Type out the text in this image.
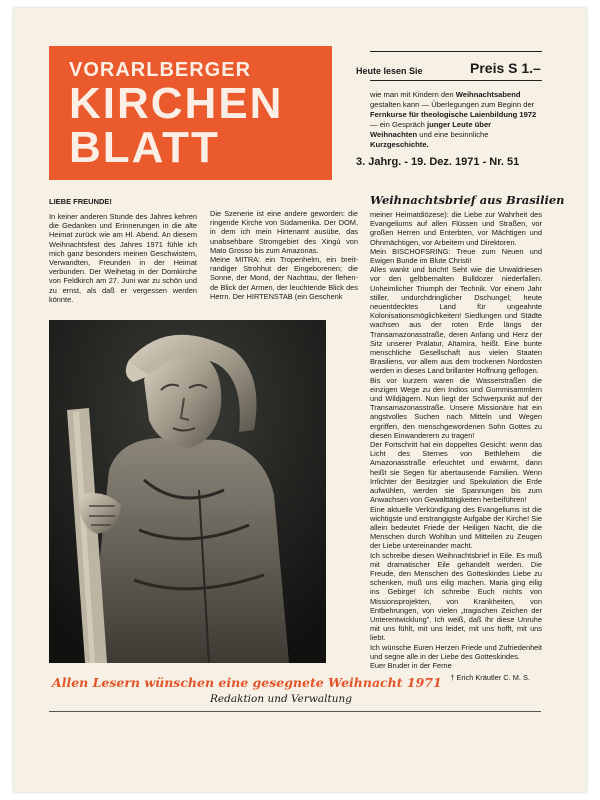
VORARLBERGER
KIRCHEN
BLATT
Heute lesen Sie	Preis S 1.–
wie man mit Kindern den Weihnachtsabend gestalten kann — Überlegungen zum Beginn der Fernkurse für theologische Laienbildung 1972 — ein Gespräch junger Leute über Weihnachten und eine besinnliche Kurzgeschichte.
3. Jahrg. - 19. Dez. 1971 - Nr. 51
LIEBE FREUNDE!	Weihnachtsbrief aus Brasilien

In keiner anderen Stunde des Jahres kehren die Gedanken und Erinnerungen in die alte Heimat zurück wie am Hl. Abend. An diesem Weihnachtsfest des Jahres 1971 fühle ich mich ganz besonders meinen Geschwistern, Verwandten, Freunden in der Heimat verbunden. Der Weihetag in der Domkirche von Feldkirch am 27. Juni war zu schön und zu ernst, als daß er vergessen werden könnte.

Die Szenerie ist eine andere geworden: die ringende Kirche von Südamerika. Der DOM, in dem ich mein Hirtenamt ausübe, das unabsehbare Stromgebiet des Xingú von Mato Grosso bis zum Amazonas.

Meine MITRA: ein Tropenhelm, ein breitrandiger Strohhut der Eingeborenen; die Sonne, der Mond, der Nachttau, der flehende Blick der Armen, der leuchtende Blick des Herrn. Der HIRTENSTAB (ein Geschenk

meiner Heimatdiözese): die Liebe zur Wahrheit des Evangeliums auf allen Flüssen und Straßen, vor großen Herren und Enterbten, vor Mächtigen und Ohnmächtigen, vor Arbeitern und Direktoren.

Mein BISCHOFSRING: Treue zum Neuen und Ewigen Bunde im Blute Christi!

Alles wankt und bricht! Seht wie die Urwaldriesen vor den gelbbemalten Bulldozer niederfallen. Unheimlicher Triumph der Technik. Vor einem Jahr stiller, undurchdringlicher Dschungel; heute neuentdecktes Land für ungeahnte Kolonisationsmöglichkeiten! Siedlungen und Städte wachsen aus der roten Erde längs der Transamazonasstraße, deren Anfang und Herz der Sitz unserer Prälatur, Altamira, heißt. Eine bunte menschliche Gesellschaft aus vielen Staaten Brasiliens, vor allem aus dem trockenen Nordosten werden in dieses Land brillanter Hoffnung geflogen.

Bis vor kurzem waren die Wasserstraßen die einzigen Wege zu den Indios und Gummisammlern und Wildjägern. Nun liegt der Schwerpunkt auf der Transamazonasstraße. Unsere Missionäre hat ein angstvolles Suchen nach Mitteln und Wegen ergriffen, den menschgewordenen Sohn Gottes zu diesen Einwanderern zu tragen!

Der Fortschritt hat ein doppeltes Gesicht: wenn das Licht des Sternes von Bethlehem die Amazonasstraße erleuchtet und erwärmt, dann heißt sie Segen für abertausende Familien. Wenn Irrlichter der Besitzgier und Spekulation die Erde aufwühlen, werden sie Spannungen bis zum Anwachsen von Gewalttätigkeiten herbeiführen!

Eine aktuelle Verkündigung des Evangeliums ist die wichtigste und erstrangigste Aufgabe der Kirche! Sie allein bedeutet Friede der Heiligen Nacht, die die Menschen durch Wohltun und Mitteilen zu Zeugen der Liebe untereinander macht.

Ich schreibe diesen Weihnachtsbrief in Eile. Es muß mit dramatischer Eile gehandelt werden. Die Freude, den Menschen des Gotteskindes Liebe zu schenken, muß uns eilig machen. Maria ging eilig ins Gebirge! Ich schreibe Euch nichts von Missionsprojekten, von Krankheiten, von Entbehrungen, von vielen „tragischen Zeichen der Unterentwicklung". Ich weiß, daß Ihr diese Unruhe mit uns fühlt, mit uns leidet, mit uns hofft, mit uns liebt.

Ich wünsche Euren Herzen Friede und Zufriedenheit und segne alle in der Liebe des Gotteskindes.

Euer Bruder in der Ferne

† Erich Kräutler C. M. S.

Allen Lesern wünschen eine gesegnete Weihnacht 1971
Redaktion und Verwaltung
